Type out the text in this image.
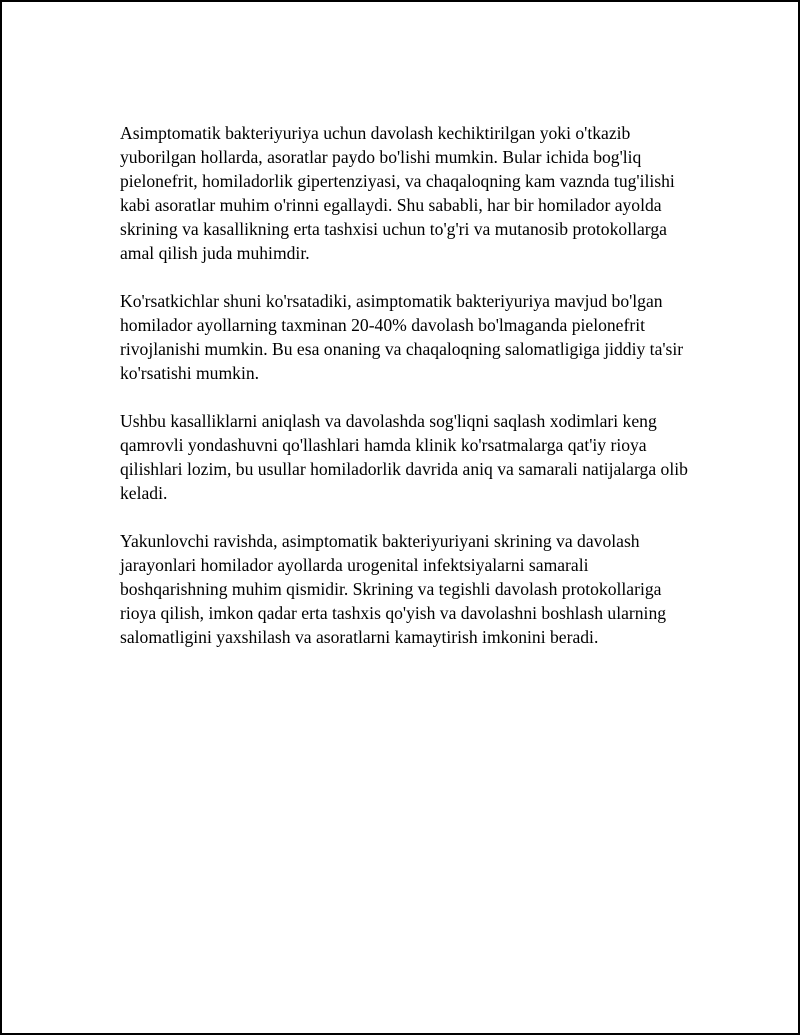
Asimptomatik bakteriyuriya uchun davolash kechiktirilgan yoki o'tkazib yuborilgan hollarda, asoratlar paydo bo'lishi mumkin. Bular ichida bog'liq pielonefrit, homiladorlik gipertenziyasi, va chaqaloqning kam vaznda tug'ilishi kabi asoratlar muhim o'rinni egallaydi. Shu sababli, har bir homilador ayolda skrining va kasallikning erta tashxisi uchun to'g'ri va mutanosib protokollarga amal qilish juda muhimdir.

Ko'rsatkichlar shuni ko'rsatadiki, asimptomatik bakteriyuriya mavjud bo'lgan homilador ayollarning taxminan 20-40% davolash bo'lmaganda pielonefrit rivojlanishi mumkin. Bu esa onaning va chaqaloqning salomatligiga jiddiy ta'sir ko'rsatishi mumkin.

Ushbu kasalliklarni aniqlash va davolashda sog'liqni saqlash xodimlari keng qamrovli yondashuvni qo'llashlari hamda klinik ko'rsatmalarga qat'iy rioya qilishlari lozim, bu usullar homiladorlik davrida aniq va samarali natijalarga olib keladi.

Yakunlovchi ravishda, asimptomatik bakteriyuriyani skrining va davolash jarayonlari homilador ayollarda urogenital infektsiyalarni samarali boshqarishning muhim qismidir. Skrining va tegishli davolash protokollariga rioya qilish, imkon qadar erta tashxis qo'yish va davolashni boshlash ularning salomatligini yaxshilash va asoratlarni kamaytirish imkonini beradi.
